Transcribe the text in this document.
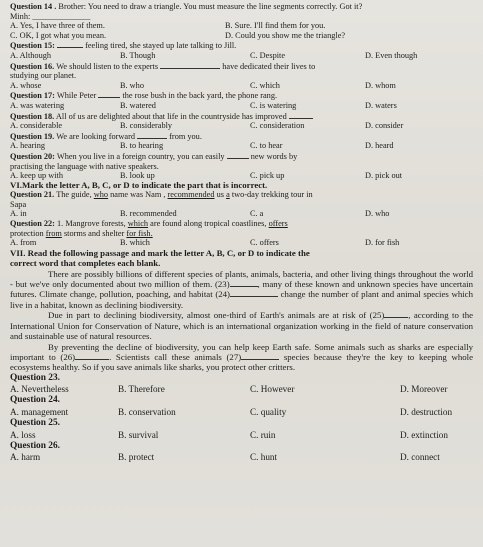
Question 14 . Brother: You need to draw a triangle. You must measure the line segments correctly. Got it?
Minh: ______________
A. Yes, I have three of them.	B. Sure. I'll find them for you.
C. OK, I got what you mean.	D. Could you show me the triangle?
Question 15:	feeling tired, she stayed up late talking to Jill.
A. Although	B. Though	C. Despite	D. Even though
Question 16. We should listen to the experts	have dedicated their lives to
studying our planet.
A. whose	B. who	C. which	D. whom
Question 17: While Peter	the rose bush in the back yard, the phone rang.
A. was watering	B. watered	C. is watering	D. waters
Question 18. All of us are delighted about that life in the countryside has improved
A. considerable	B. considerably	C. consideration	D. consider
Question 19. We are looking forward	from you.
A. hearing	B. to hearing	C. to hear	D. heard
Question 20: When you live in a foreign country, you can easily	new words by
practising the language with native speakers.
A. keep up with	B. look up	C. pick up	D. pick out
VI.Mark the letter A, B, C, or D to indicate the part that is incorrect.
Question 21. The guide, who name was Nam , recommended us a two-day trekking tour in
Sapa
A. in	B. recommended	C. a	D. who
Question 22: 1. Mangrove forests, which are found along tropical coastlines, offers
protection from storms and shelter for fish.
A. from	B. which	C. offers	D. for fish
VII. Read the following passage and mark the letter A, B, C, or D to indicate the
correct word that completes each blank.
There are possibly billions of different species of plants, animals, bacteria, and other living things throughout the world - but we've only documented about two million of them. (23)	, many of these known and unknown species have uncertain futures. Climate change, pollution, poaching, and habitat (24)	change the number of plant and animal species which live in a habitat, known as declining biodiversity.
Due in part to declining biodiversity, almost one-third of Earth's animals are at risk of (25)	, according to the International Union for Conservation of Nature, which is an international organization working in the field of nature conservation and sustainable use of natural resources.
By preventing the decline of biodiversity, you can help keep Earth safe. Some animals such as sharks are especially important to (26)	. Scientists call these animals (27)	species because they're the key to keeping whole ecosystems healthy. So if you save animals like sharks, you protect other critters.
Question 23.
A. Nevertheless	B. Therefore	C. However	D. Moreover
Question 24.
A. management	B. conservation	C. quality	D. destruction
Question 25.
A. loss	B. survival	C. ruin	D. extinction
Question 26.
A. harm	B. protect	C. hunt	D. connect
